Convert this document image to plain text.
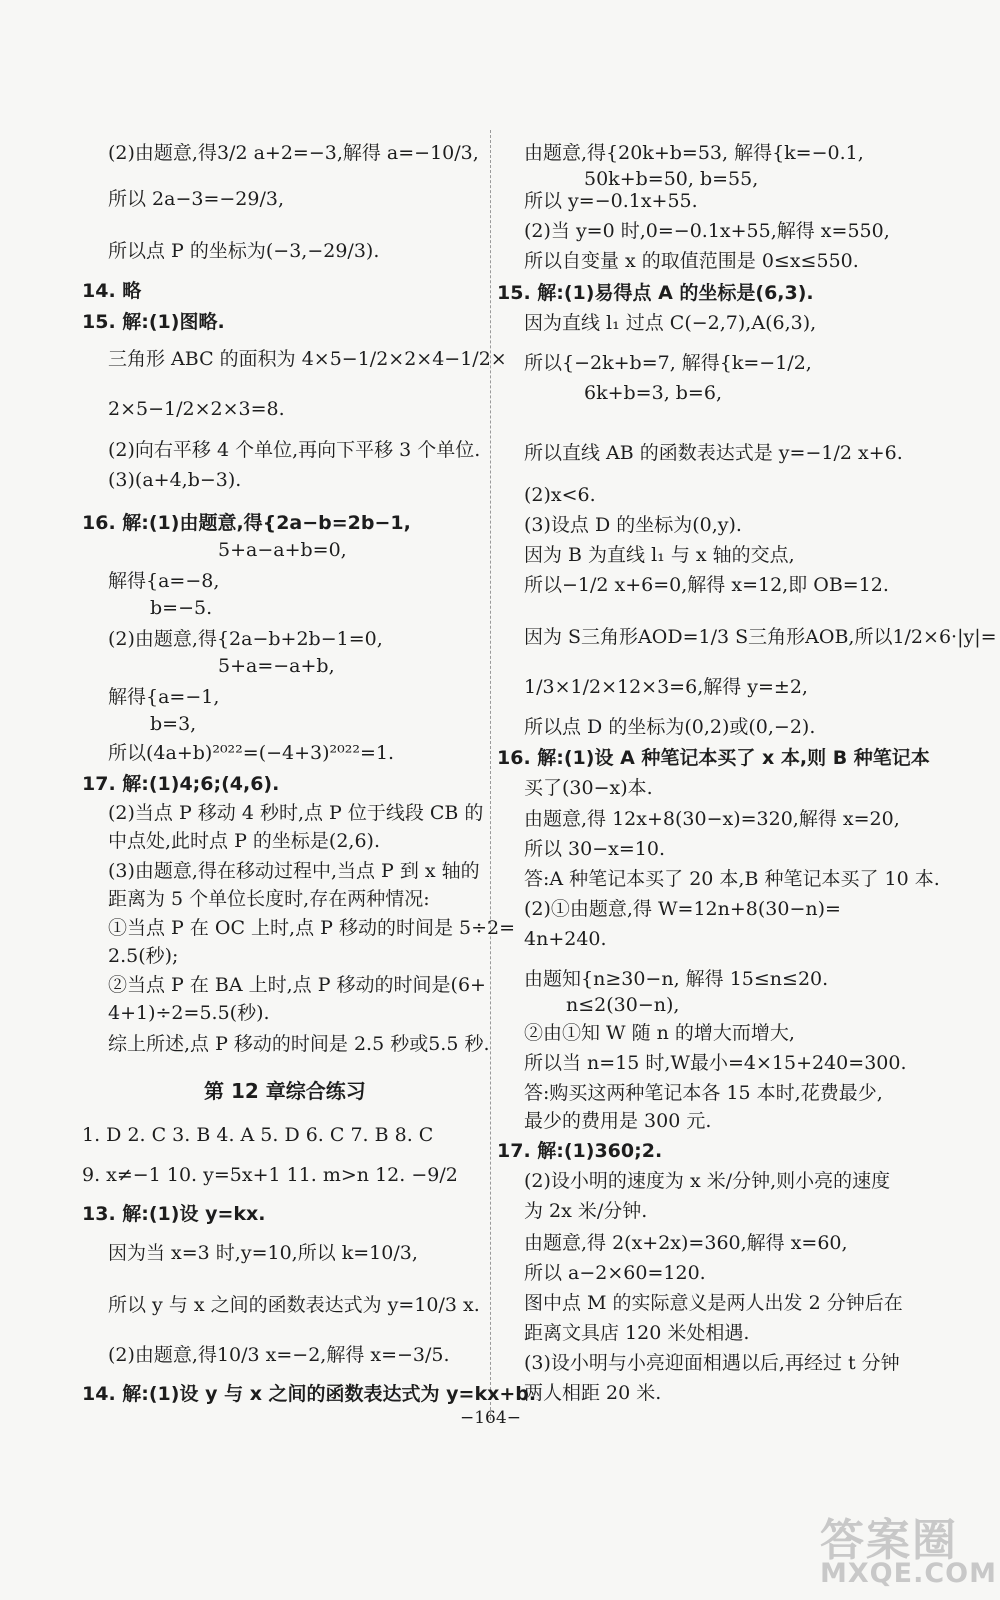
(2)由题意,得3/2 a+2=−3,解得 a=−10/3,
所以 2a−3=−29/3,
所以点 P 的坐标为(−3,−29/3).
14. 略
15. 解:(1)图略.
三角形 ABC 的面积为 4×5−1/2×2×4−1/2×
2×5−1/2×2×3=8.
(2)向右平移 4 个单位,再向下平移 3 个单位.
(3)(a+4,b−3).
16. 解:(1)由题意,得{2a−b=2b−1,
5+a−a+b=0,
解得{a=−8,
b=−5.
(2)由题意,得{2a−b+2b−1=0,
5+a=−a+b,
解得{a=−1,
b=3,
所以(4a+b)²⁰²²=(−4+3)²⁰²²=1.
17. 解:(1)4;6;(4,6).
(2)当点 P 移动 4 秒时,点 P 位于线段 CB 的
中点处,此时点 P 的坐标是(2,6).
(3)由题意,得在移动过程中,当点 P 到 x 轴的
距离为 5 个单位长度时,存在两种情况:
①当点 P 在 OC 上时,点 P 移动的时间是 5÷2=
2.5(秒);
②当点 P 在 BA 上时,点 P 移动的时间是(6+
4+1)÷2=5.5(秒).
综上所述,点 P 移动的时间是 2.5 秒或5.5 秒.
第 12 章综合练习
1. D 2. C 3. B 4. A 5. D 6. C 7. B 8. C
9. x≠−1 10. y=5x+1 11. m>n 12. −9/2
13. 解:(1)设 y=kx.
因为当 x=3 时,y=10,所以 k=10/3,
所以 y 与 x 之间的函数表达式为 y=10/3 x.
(2)由题意,得10/3 x=−2,解得 x=−3/5.
14. 解:(1)设 y 与 x 之间的函数表达式为 y=kx+b.
由题意,得{20k+b=53, 解得{k=−0.1,
50k+b=50, b=55,
所以 y=−0.1x+55.
(2)当 y=0 时,0=−0.1x+55,解得 x=550,
所以自变量 x 的取值范围是 0≤x≤550.
15. 解:(1)易得点 A 的坐标是(6,3).
因为直线 l₁ 过点 C(−2,7),A(6,3),
所以{−2k+b=7, 解得{k=−1/2,
6k+b=3, b=6,
所以直线 AB 的函数表达式是 y=−1/2 x+6.
(2)x<6.
(3)设点 D 的坐标为(0,y).
因为 B 为直线 l₁ 与 x 轴的交点,
所以−1/2 x+6=0,解得 x=12,即 OB=12.
因为 S三角形AOD=1/3 S三角形AOB,所以1/2×6·|y|=
1/3×1/2×12×3=6,解得 y=±2,
所以点 D 的坐标为(0,2)或(0,−2).
16. 解:(1)设 A 种笔记本买了 x 本,则 B 种笔记本
买了(30−x)本.
由题意,得 12x+8(30−x)=320,解得 x=20,
所以 30−x=10.
答:A 种笔记本买了 20 本,B 种笔记本买了 10 本.
(2)①由题意,得 W=12n+8(30−n)=
4n+240.
由题知{n≥30−n, 解得 15≤n≤20.
n≤2(30−n),
②由①知 W 随 n 的增大而增大,
所以当 n=15 时,W最小=4×15+240=300.
答:购买这两种笔记本各 15 本时,花费最少,
最少的费用是 300 元.
17. 解:(1)360;2.
(2)设小明的速度为 x 米/分钟,则小亮的速度
为 2x 米/分钟.
由题意,得 2(x+2x)=360,解得 x=60,
所以 a−2×60=120.
图中点 M 的实际意义是两人出发 2 分钟后在
距离文具店 120 米处相遇.
(3)设小明与小亮迎面相遇以后,再经过 t 分钟
两人相距 20 米.
−164−
答案圈
MXQE.COM
